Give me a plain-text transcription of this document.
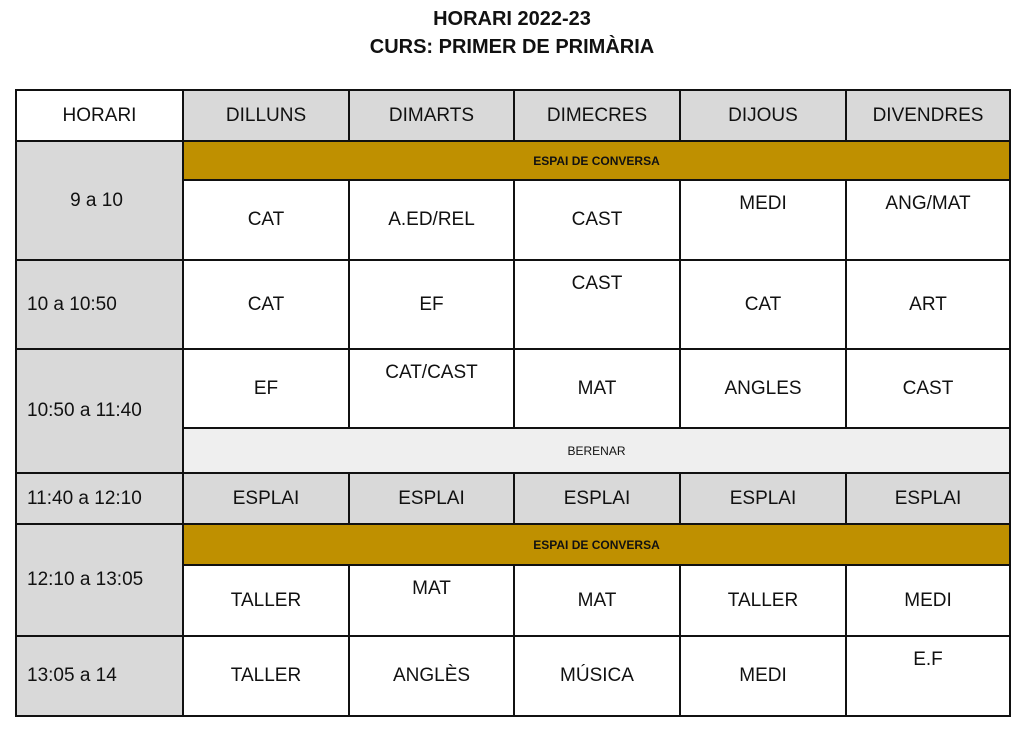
HORARI 2022-23
CURS: PRIMER DE PRIMÀRIA
HORARI	DILLUNS	DIMARTS	DIMECRES	DIJOUS	DIVENDRES
9 a 10	ESPAI DE CONVERSA				
	CAT	A.ED/REL	CAST	MEDI	ANG/MAT
10 a 10:50	CAT	EF	CAST	CAT	ART
10:50 a 11:40	EF	CAT/CAST	MAT	ANGLES	CAST
	BERENAR				
11:40 a 12:10	ESPLAI	ESPLAI	ESPLAI	ESPLAI	ESPLAI
12:10 a 13:05	ESPAI DE CONVERSA				
	TALLER	MAT	MAT	TALLER	MEDI
13:05 a 14	TALLER	ANGLÈS	MÚSICA	MEDI	E.F
